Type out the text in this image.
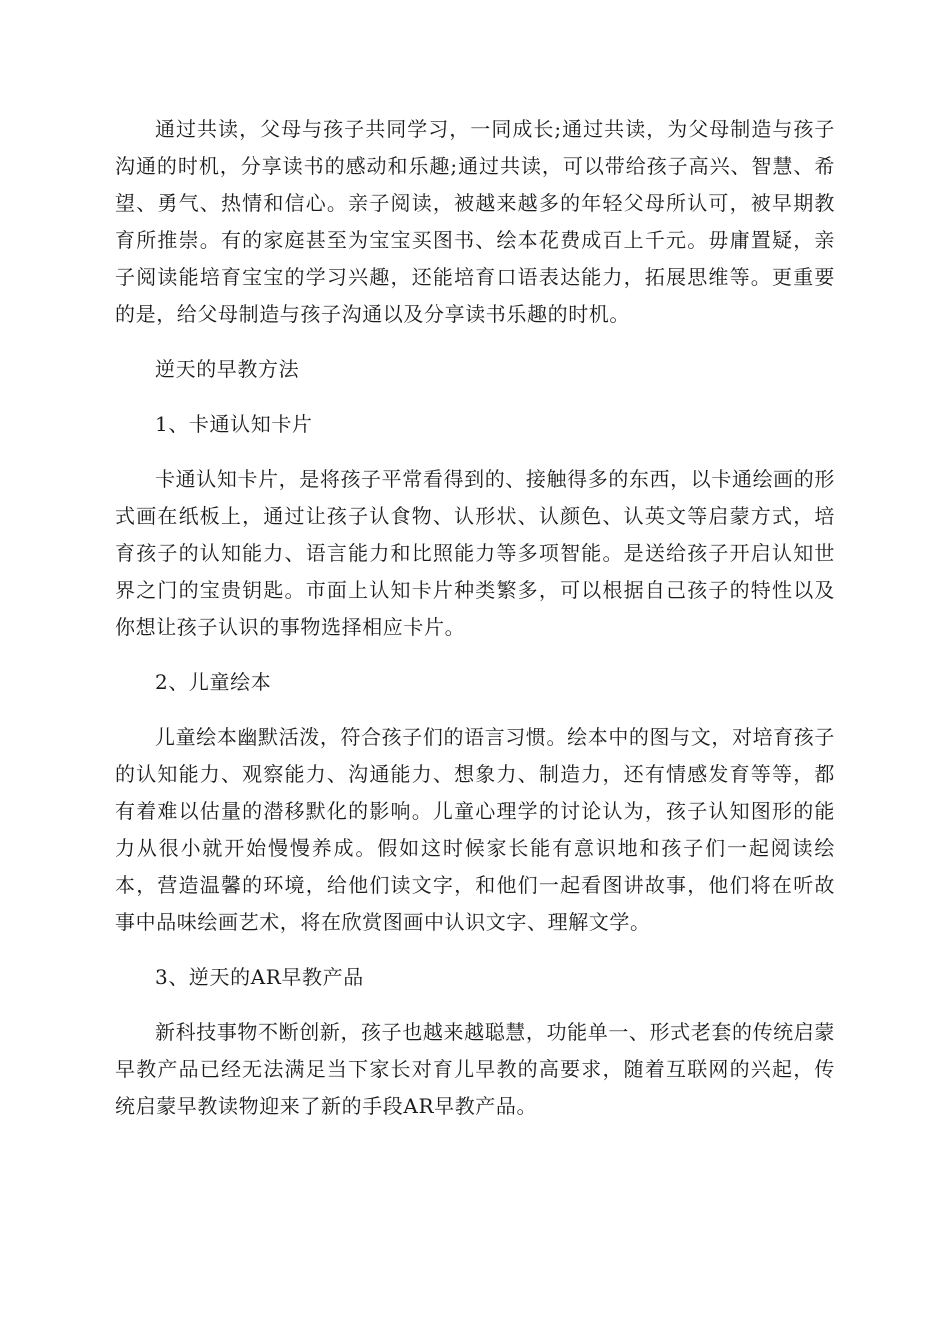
通过共读，父母与孩子共同学习，一同成长;通过共读，为父母制造与孩子沟通的时机，分享读书的感动和乐趣;通过共读，可以带给孩子高兴、智慧、希望、勇气、热情和信心。亲子阅读，被越来越多的年轻父母所认可，被早期教育所推崇。有的家庭甚至为宝宝买图书、绘本花费成百上千元。毋庸置疑，亲子阅读能培育宝宝的学习兴趣，还能培育口语表达能力，拓展思维等。更重要的是，给父母制造与孩子沟通以及分享读书乐趣的时机。

逆天的早教方法

1、卡通认知卡片

卡通认知卡片，是将孩子平常看得到的、接触得多的东西，以卡通绘画的形式画在纸板上，通过让孩子认食物、认形状、认颜色、认英文等启蒙方式，培育孩子的认知能力、语言能力和比照能力等多项智能。是送给孩子开启认知世界之门的宝贵钥匙。市面上认知卡片种类繁多，可以根据自己孩子的特性以及你想让孩子认识的事物选择相应卡片。

2、儿童绘本

儿童绘本幽默活泼，符合孩子们的语言习惯。绘本中的图与文，对培育孩子的认知能力、观察能力、沟通能力、想象力、制造力，还有情感发育等等，都有着难以估量的潜移默化的影响。儿童心理学的讨论认为，孩子认知图形的能力从很小就开始慢慢养成。假如这时候家长能有意识地和孩子们一起阅读绘本，营造温馨的环境，给他们读文字，和他们一起看图讲故事，他们将在听故事中品味绘画艺术，将在欣赏图画中认识文字、理解文学。

3、逆天的AR早教产品

新科技事物不断创新，孩子也越来越聪慧，功能单一、形式老套的传统启蒙早教产品已经无法满足当下家长对育儿早教的高要求，随着互联网的兴起，传统启蒙早教读物迎来了新的手段AR早教产品。
